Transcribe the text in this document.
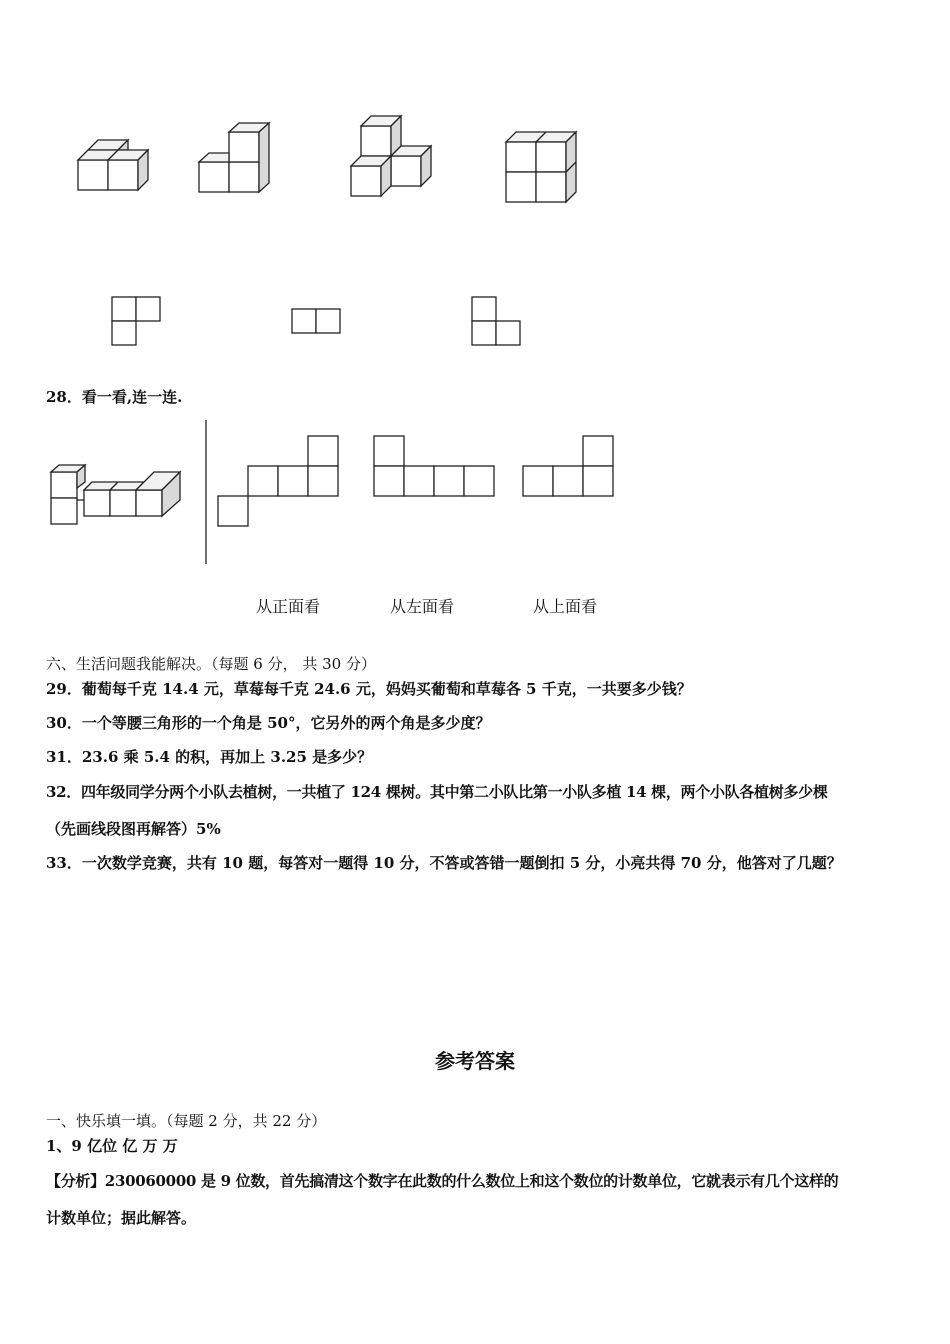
28．看一看,连一连.
从正面看	从左面看	从上面看
六、生活问题我能解决。（每题 6 分， 共 30 分）
29．葡萄每千克 14.4 元，草莓每千克 24.6 元，妈妈买葡萄和草莓各 5 千克，一共要多少钱？
30．一个等腰三角形的一个角是 50°，它另外的两个角是多少度？
31．23.6 乘 5.4 的积，再加上 3.25 是多少？
32．四年级同学分两个小队去植树，一共植了 124 棵树。其中第二小队比第一小队多植 14 棵，两个小队各植树多少棵
（先画线段图再解答）5%
33．一次数学竞赛，共有 10 题，每答对一题得 10 分，不答或答错一题倒扣 5 分，小亮共得 70 分，他答对了几题？
参考答案
一、快乐填一填。（每题 2 分，共 22 分）
1、9 亿位 亿 万 万
【分析】230060000 是 9 位数，首先搞清这个数字在此数的什么数位上和这个数位的计数单位，它就表示有几个这样的
计数单位；据此解答。
